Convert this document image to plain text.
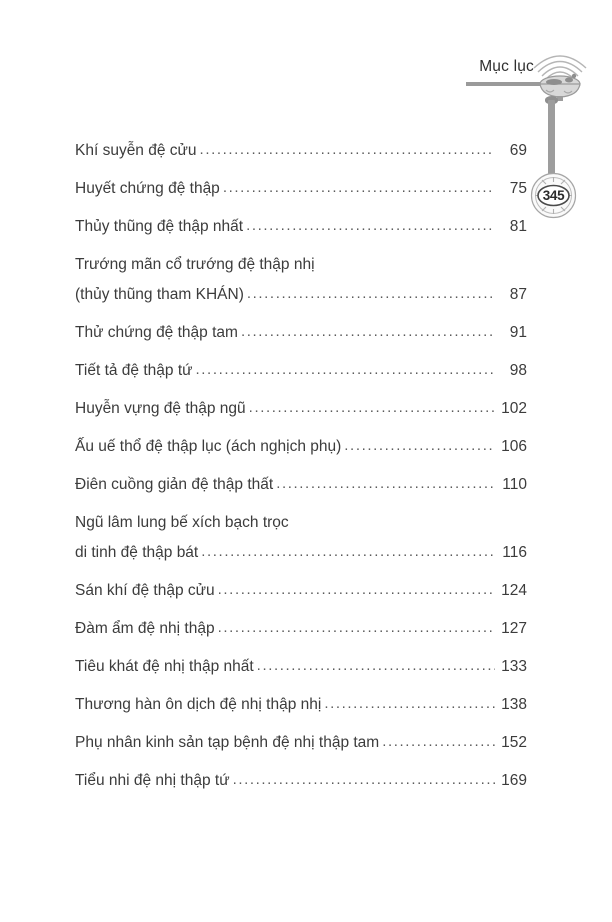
Mục lục
345
Khí suyễn đệ cửu .....	69
Huyết chứng đệ thập .....	75
Thủy thũng đệ thập nhất .....	81
Trướng mãn cổ trướng đệ thập nhị
(thủy thũng tham KHÁN) .....	87
Thử chứng đệ thập tam .....	91
Tiết tả đệ thập tứ .....	98
Huyễn vựng đệ thập ngũ .....	102
Ấu uế thổ đệ thập lục (ách nghịch phụ) .....	106
Điên cuồng giản đệ thập thất .....	110
Ngũ lâm lung bế xích bạch trọc
di tinh đệ thập bát .....	116
Sán khí đệ thập cửu .....	124
Đàm ẩm đệ nhị thập .....	127
Tiêu khát đệ nhị thập nhất .....	133
Thương hàn ôn dịch đệ nhị thập nhị .....	138
Phụ nhân kinh sản tạp bệnh đệ nhị thập tam .....	152
Tiểu nhi đệ nhị thập tứ .....	169
